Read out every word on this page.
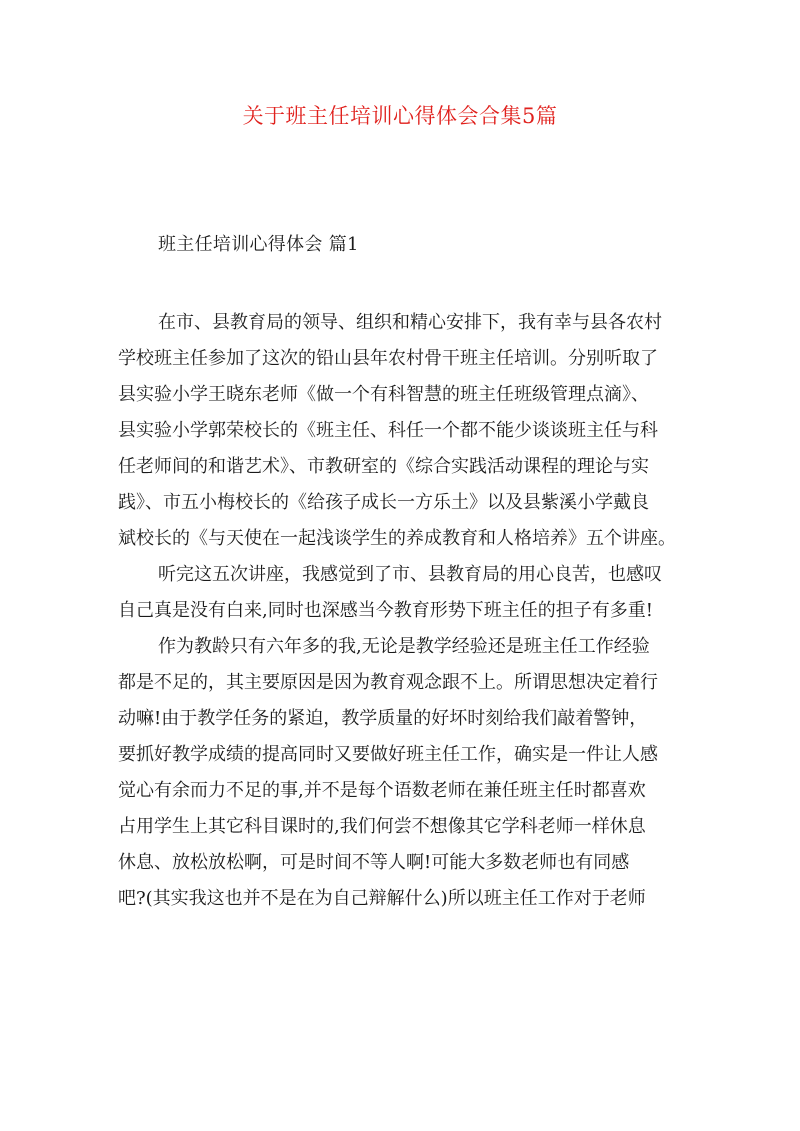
关于班主任培训心得体会合集5篇
班主任培训心得体会 篇1
在市、县教育局的领导、组织和精心安排下，我有幸与县各农村
学校班主任参加了这次的铅山县年农村骨干班主任培训。分别听取了
县实验小学王晓东老师《做一个有科智慧的班主任班级管理点滴》、
县实验小学郭荣校长的《班主任、科任一个都不能少谈谈班主任与科
任老师间的和谐艺术》、市教研室的《综合实践活动课程的理论与实
践》、市五小梅校长的《给孩子成长一方乐土》以及县紫溪小学戴良
斌校长的《与天使在一起浅谈学生的养成教育和人格培养》五个讲座。
听完这五次讲座，我感觉到了市、县教育局的用心良苦，也感叹
自己真是没有白来,同时也深感当今教育形势下班主任的担子有多重!
作为教龄只有六年多的我,无论是教学经验还是班主任工作经验
都是不足的，其主要原因是因为教育观念跟不上。所谓思想决定着行
动嘛!由于教学任务的紧迫，教学质量的好坏时刻给我们敲着警钟，
要抓好教学成绩的提高同时又要做好班主任工作，确实是一件让人感
觉心有余而力不足的事,并不是每个语数老师在兼任班主任时都喜欢
占用学生上其它科目课时的,我们何尝不想像其它学科老师一样休息
休息、放松放松啊，可是时间不等人啊!可能大多数老师也有同感
吧?(其实我这也并不是在为自己辩解什么)所以班主任工作对于老师
